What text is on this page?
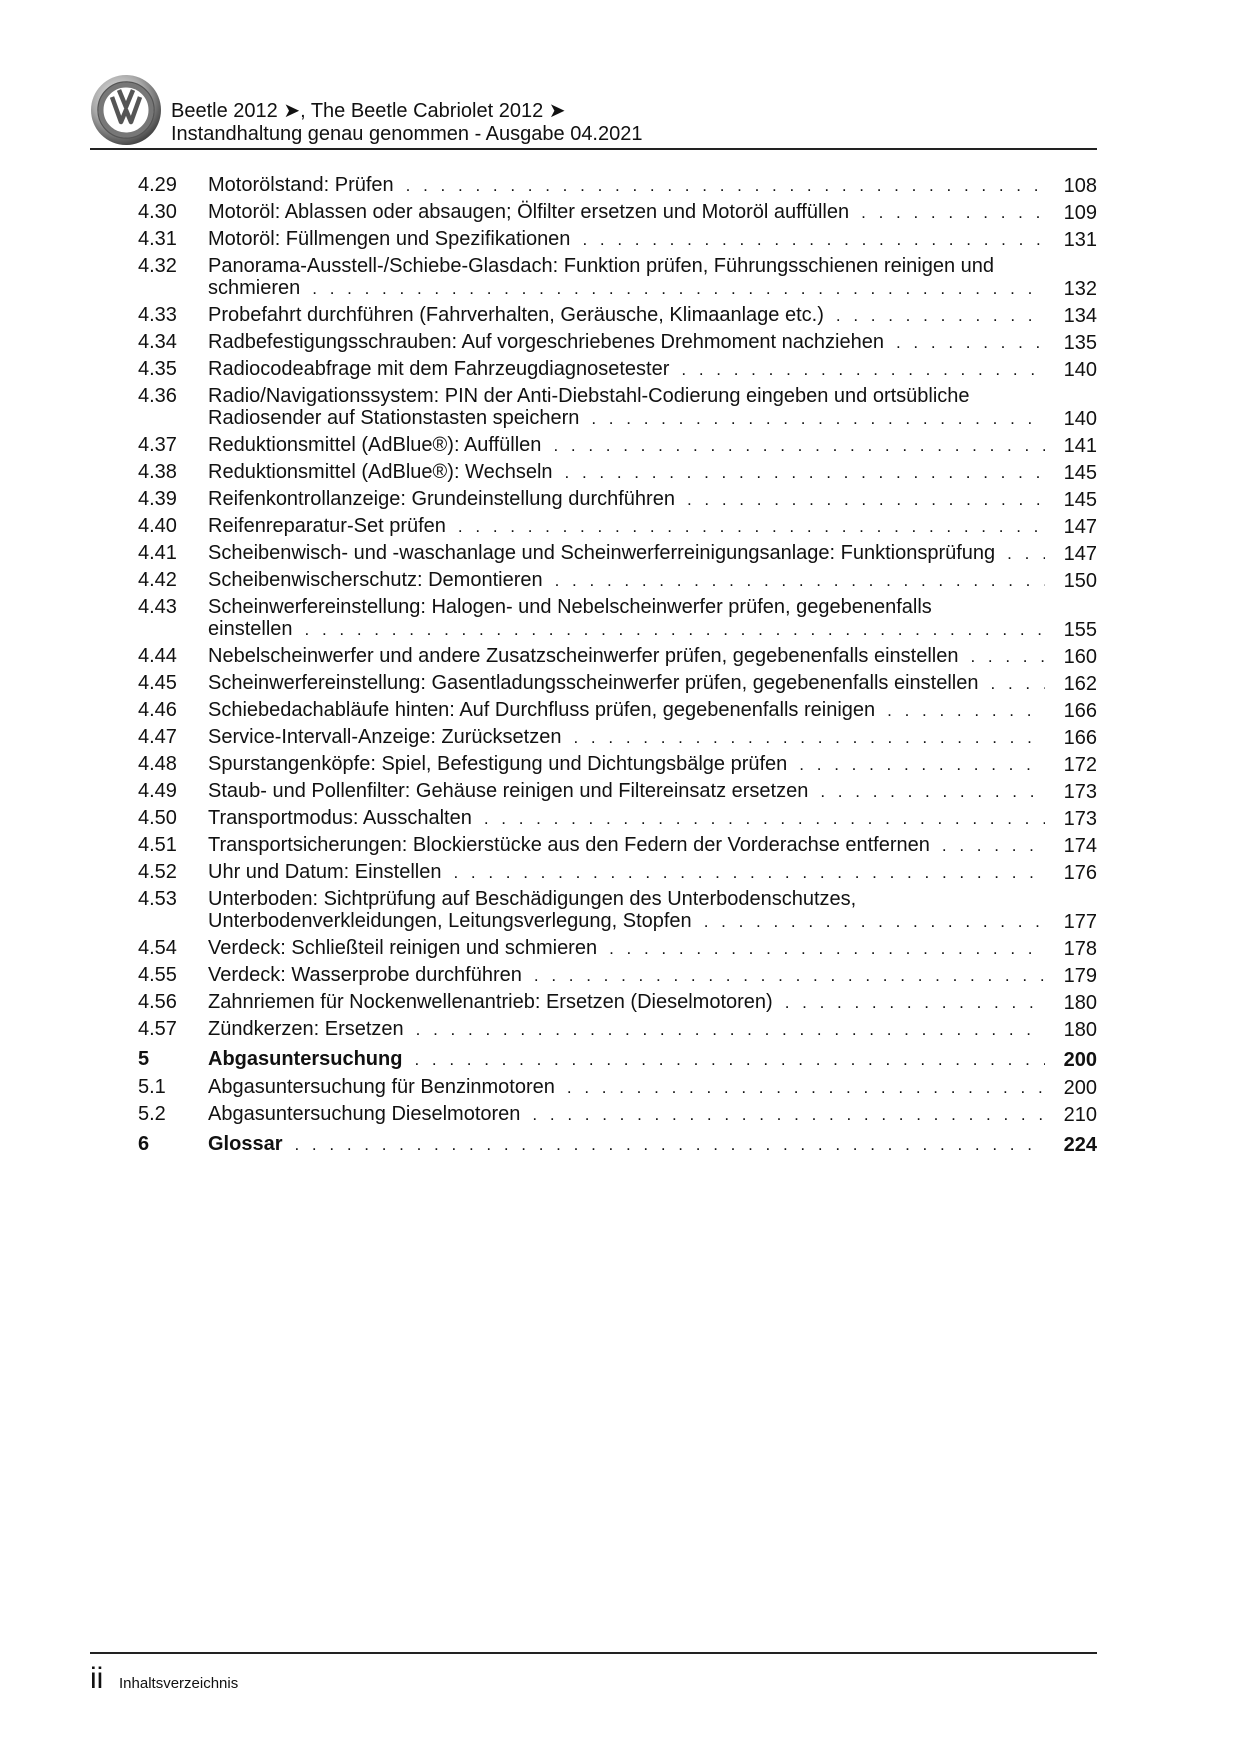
Beetle 2012 ➤, The Beetle Cabriolet 2012 ➤
Instandhaltung genau genommen - Ausgabe 04.2021
4.29	Motorölstand: Prüfen . . .	108
4.30	Motoröl: Ablassen oder absaugen; Ölfilter ersetzen und Motoröl auffüllen . . .	109
4.31	Motoröl: Füllmengen und Spezifikationen . . .	131
4.32	Panorama-Ausstell-/Schiebe-Glasdach: Funktion prüfen, Führungsschienen reinigen und
schmieren . . .	132
4.33	Probefahrt durchführen (Fahrverhalten, Geräusche, Klimaanlage etc.) . . .	134
4.34	Radbefestigungsschrauben: Auf vorgeschriebenes Drehmoment nachziehen . . .	135
4.35	Radiocodeabfrage mit dem Fahrzeugdiagnosetester . . .	140
4.36	Radio/Navigationssystem: PIN der Anti-Diebstahl-Codierung eingeben und ortsübliche
Radiosender auf Stationstasten speichern . . .	140
4.37	Reduktionsmittel (AdBlue®): Auffüllen . . .	141
4.38	Reduktionsmittel (AdBlue®): Wechseln . . .	145
4.39	Reifenkontrollanzeige: Grundeinstellung durchführen . . .	145
4.40	Reifenreparatur-Set prüfen . . .	147
4.41	Scheibenwisch- und -waschanlage und Scheinwerferreinigungsanlage: Funktionsprüfung . . .	147
4.42	Scheibenwischerschutz: Demontieren . . .	150
4.43	Scheinwerfereinstellung: Halogen- und Nebelscheinwerfer prüfen, gegebenenfalls
einstellen . . .	155
4.44	Nebelscheinwerfer und andere Zusatzscheinwerfer prüfen, gegebenenfalls einstellen . . .	160
4.45	Scheinwerfereinstellung: Gasentladungsscheinwerfer prüfen, gegebenenfalls einstellen . . .	162
4.46	Schiebedachabläufe hinten: Auf Durchfluss prüfen, gegebenenfalls reinigen . . .	166
4.47	Service-Intervall-Anzeige: Zurücksetzen . . .	166
4.48	Spurstangenköpfe: Spiel, Befestigung und Dichtungsbälge prüfen . . .	172
4.49	Staub- und Pollenfilter: Gehäuse reinigen und Filtereinsatz ersetzen . . .	173
4.50	Transportmodus: Ausschalten . . .	173
4.51	Transportsicherungen: Blockierstücke aus den Federn der Vorderachse entfernen . . .	174
4.52	Uhr und Datum: Einstellen . . .	176
4.53	Unterboden: Sichtprüfung auf Beschädigungen des Unterbodenschutzes,
Unterbodenverkleidungen, Leitungsverlegung, Stopfen . . .	177
4.54	Verdeck: Schließteil reinigen und schmieren . . .	178
4.55	Verdeck: Wasserprobe durchführen . . .	179
4.56	Zahnriemen für Nockenwellenantrieb: Ersetzen (Dieselmotoren) . . .	180
4.57	Zündkerzen: Ersetzen . . .	180
5	Abgasuntersuchung . . .	200
5.1	Abgasuntersuchung für Benzinmotoren . . .	200
5.2	Abgasuntersuchung Dieselmotoren . . .	210
6	Glossar . . .	224
ii Inhaltsverzeichnis
